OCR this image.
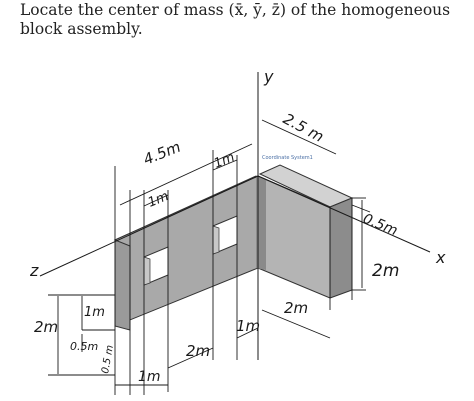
Locate the center of mass (x̄, ȳ, z̄) of the homogeneous
block assembly.
y
x
z
Coordinate System1
4.5m 1m
1m
2.5 m
0.5m
2m
2m
2m
1m
0.5m 0.5 m
1m
2m
1m
